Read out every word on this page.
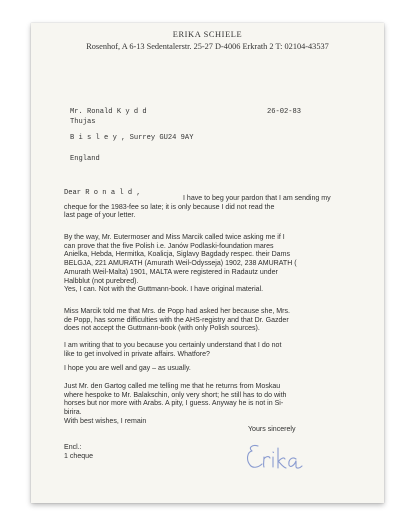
ERIKA SCHIELE
Rosenhof, A 6-13 Sedentalerstr. 25-27 D-4006 Erkrath 2 T: 02104-43537
Mr. Ronald K y d d
Thujas
B i s l e y , Surrey GU24 9AY
England
26-02-83
Dear R o n a l d ,

I have to beg your pardon that I am sending my

cheque for the 1983-fee so late; it is only because I did not read the

last page of your letter.

By the way, Mr. Eutermoser and Miss Marcik called twice asking me if I

can prove that the five Polish i.e. Janów Podlaski-foundation mares

Anielka, Hebda, Hermitka, Koalicja, Siglavy Bagdady respec. their Dams

BELGJA, 221 AMURATH (Amurath Weil-Odysseja) 1902, 238 AMURATH (

Amurath Weil-Malta) 1901, MALTA were registered in Radautz under

Halbblut (not purebred).

Yes, I can. Not with the Guttmann-book. I have original material.

Miss Marcik told me that Mrs. de Popp had asked her because she, Mrs.

de Popp, has some difficulties with the AHS-registry and that Dr. Gazder

does not accept the Guttmann-book (with only Polish sources).

I am writing that to you because you certainly understand that I do not

like to get involved in private affairs. Whatfore?

I hope you are well and gay – as usually.

Just Mr. den Gartog called me telling me that he returns from Moskau

where hespoke to Mr. Balakschin, only very short; he still has to do with

horses but nor more with Arabs. A pity, I guess. Anyway he is not in Si-

birira.

With best wishes, I remain

Yours sincerely

Encl.:

1 cheque
